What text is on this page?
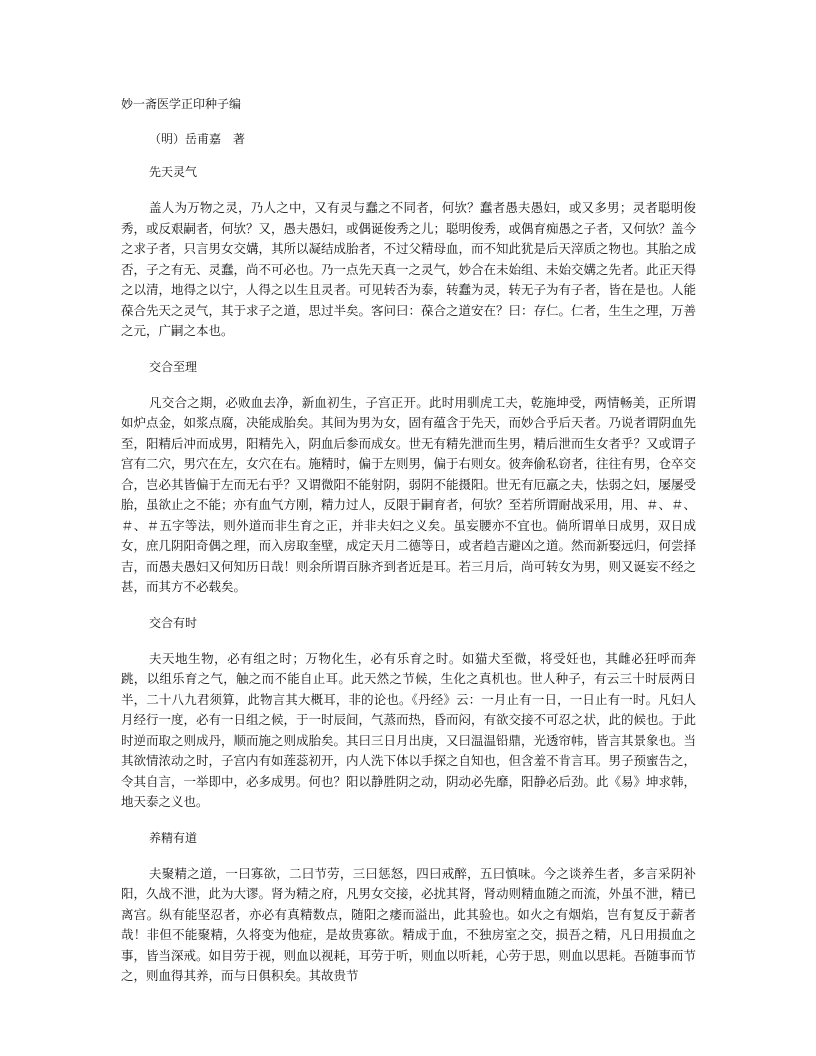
妙一斋医学正印种子编
（明）岳甫嘉　著
先天灵气
盖人为万物之灵，乃人之中，又有灵与蠢之不同者，何欤？蠢者愚夫愚妇，或又多男；灵者聪明俊秀，或反艰嗣者，何欤？又，愚夫愚妇，或偶诞俊秀之儿；聪明俊秀，或偶育痴愚之子者，又何欤？盖今之求子者，只言男女交媾，其所以凝结成胎者，不过父精母血，而不知此犹是后天滓质之物也。其胎之成否，子之有无、灵蠢，尚不可必也。乃一点先天真一之灵气，妙合在未始组、未始交媾之先者。此正天得之以清，地得之以宁，人得之以生且灵者。可见转否为泰，转蠢为灵，转无子为有子者，皆在是也。人能葆合先天之灵气，其于求子之道，思过半矣。客问曰：葆合之道安在？曰：存仁。仁者，生生之理，万善之元，广嗣之本也。
交合至理
凡交合之期，必败血去净，新血初生，子宫正开。此时用驯虎工夫，乾施坤受，两情畅美，正所谓如炉点金，如浆点腐，决能成胎矣。其间为男为女，固有蕴含于先天，而妙合乎后天者。乃说者谓阴血先至，阳精后冲而成男，阳精先入，阴血后参而成女。世无有精先泄而生男，精后泄而生女者乎？又或谓子宫有二穴，男穴在左，女穴在右。施精时，偏于左则男，偏于右则女。彼奔偷私窃者，往往有男，仓卒交合，岂必其皆偏于左而无右乎？又谓微阳不能射阴，弱阴不能摄阳。世无有厄羸之夫，怯弱之妇，屡屡受胎，虽欲止之不能；亦有血气方刚，精力过人，反限于嗣育者，何欤？至若所谓耐战采用，用、＃、＃、＃、＃五字等法，则外道而非生育之正，并非夫妇之义矣。虽妄腰亦不宜也。倘所谓单日成男，双日成女，庶几阴阳奇偶之理，而入房取奎壁，成定天月二德等日，或者趋吉避凶之道。然而新娶远归，何尝择吉，而愚夫愚妇又何知历日哉！则余所谓百脉齐到者近是耳。若三月后，尚可转女为男，则又诞妄不经之甚，而其方不必载矣。
交合有时
夫天地生物，必有组之时；万物化生，必有乐育之时。如猫犬至微，将受妊也，其雌必狂呼而奔跳，以组乐育之气，触之而不能自止耳。此天然之节候，生化之真机也。世人种子，有云三十时辰两日半，二十八九君须算，此物言其大概耳，非的论也。《丹经》云：一月止有一日，一日止有一时。凡妇人月经行一度，必有一日组之候，于一时辰间，气蒸而热，昏而闷，有欲交接不可忍之状，此的候也。于此时逆而取之则成丹，顺而施之则成胎矣。其曰三日月出庚，又曰温温铅鼎，光透帘帏，皆言其景象也。当其欲情浓动之时，子宫内有如莲蕊初开，内人洗下体以手探之自知也，但含羞不肯言耳。男子预蜜告之，令其自言，一举即中，必多成男。何也？阳以静胜阴之动，阴动必先靡，阳静必后劲。此《易》坤求韩，地天泰之义也。
养精有道
夫聚精之道，一曰寡欲，二曰节劳，三曰惩怒，四曰戒醉，五曰慎味。今之谈养生者，多言采阴补阳，久战不泄，此为大谬。肾为精之府，凡男女交接，必扰其肾，肾动则精血随之而流，外虽不泄，精已离宫。纵有能坚忍者，亦必有真精数点，随阳之痿而溢出，此其验也。如火之有烟焰，岂有复反于薪者哉！非但不能聚精，久将变为他症，是故贵寡欲。精成于血，不独房室之交，损吾之精，凡日用损血之事，皆当深戒。如目劳于视，则血以视耗，耳劳于听，则血以听耗，心劳于思，则血以思耗。吾随事而节之，则血得其养，而与日俱积矣。其故贵节
